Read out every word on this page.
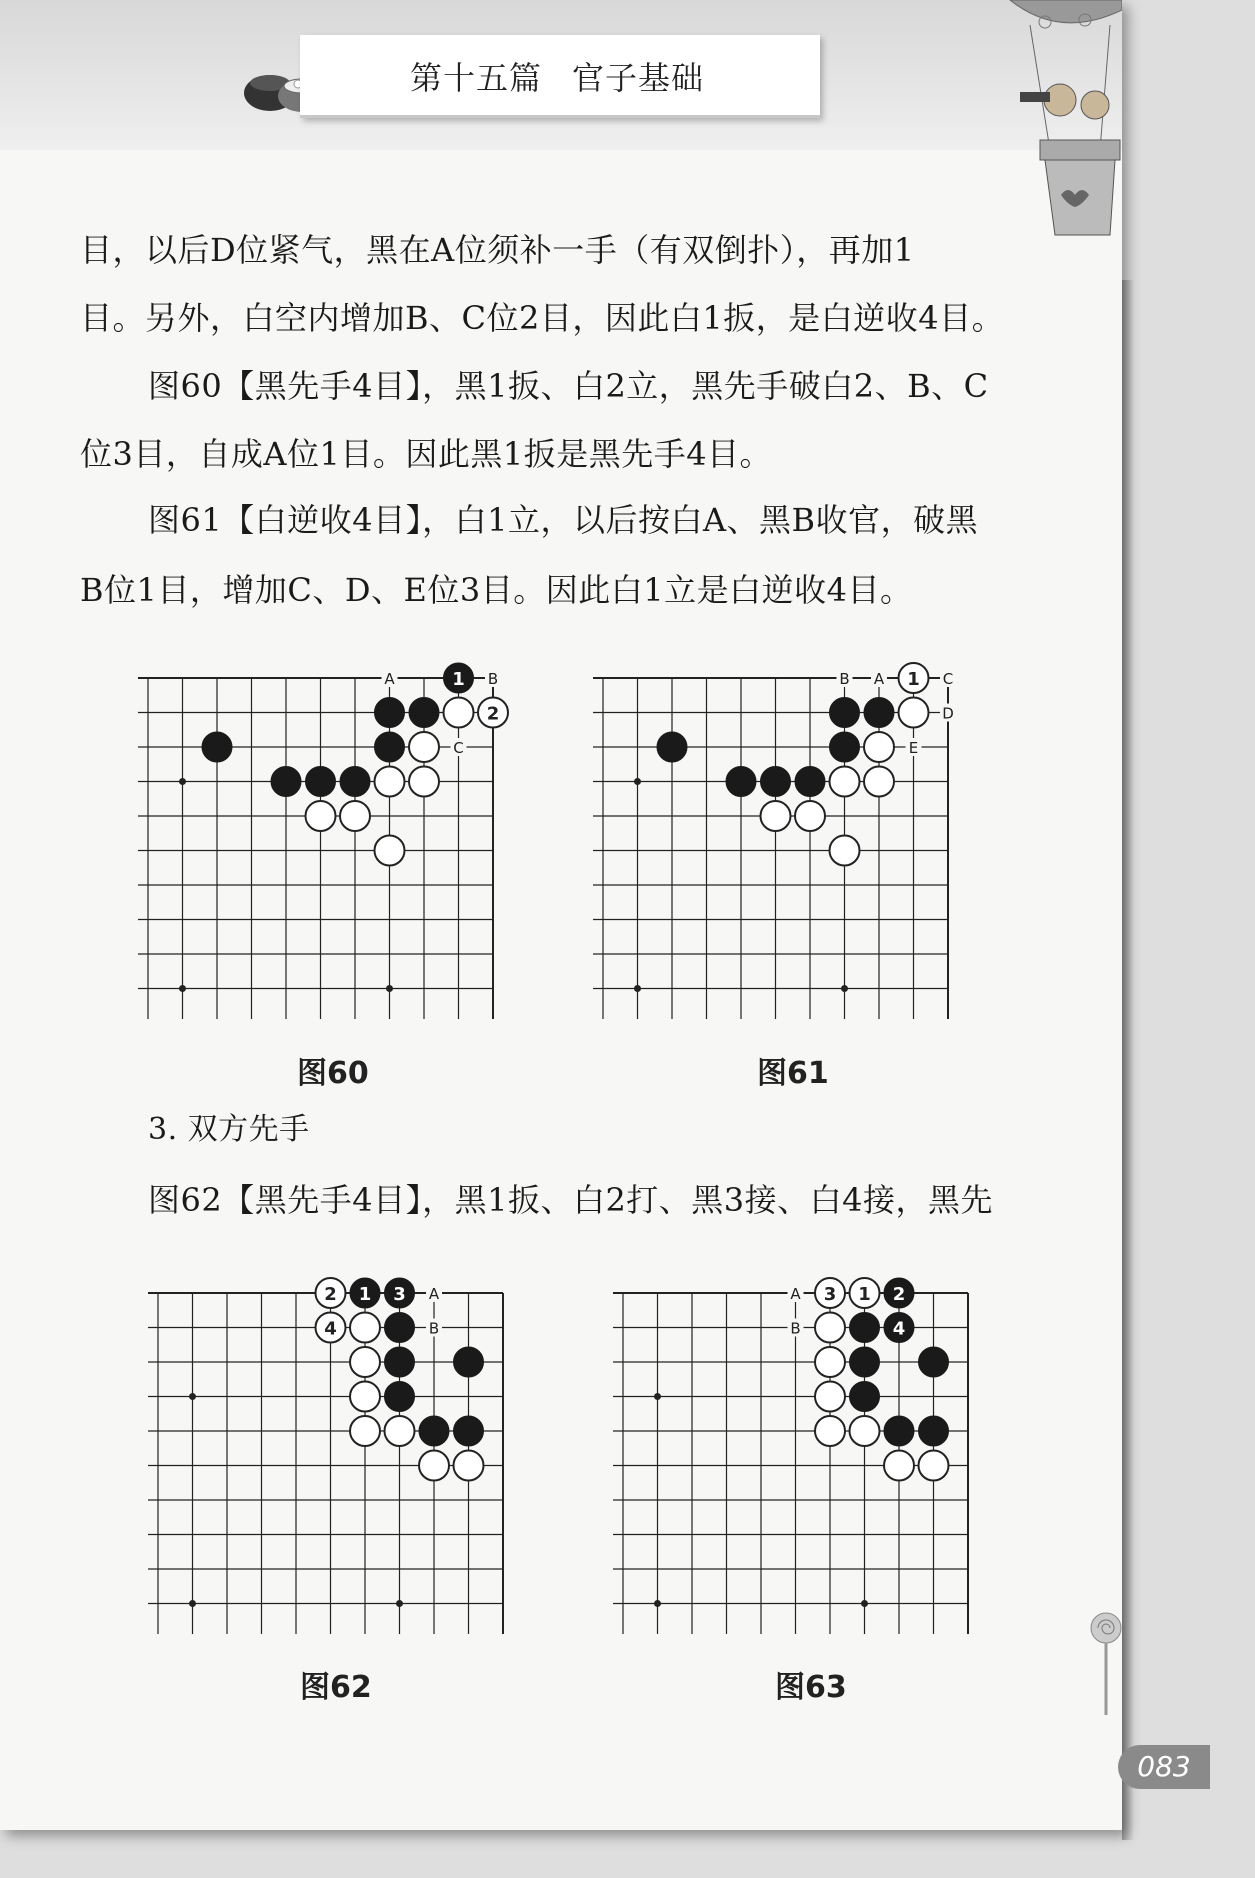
第十五篇 官子基础
目，以后D位紧气，黑在A位须补一手（有双倒扑），再加1
目。另外，白空内增加B、C位2目，因此白1扳，是白逆收4目。
图60【黑先手4目】，黑1扳、白2立，黑先手破白2、B、C
位3目，自成A位1目。因此黑1扳是黑先手4目。
图61【白逆收4目】，白1立，以后按白A、黑B收官，破黑
B位1目，增加C、D、E位3目。因此白1立是白逆收4目。
1
2
A	B
C
1
B A	C
D
E
图60	图61
3. 双方先手
图62【黑先手4目】，黑1扳、白2打、黑3接、白4接，黑先
2 1 3
4
A
B
3 1 2
4
A
B
图62	图63
083
